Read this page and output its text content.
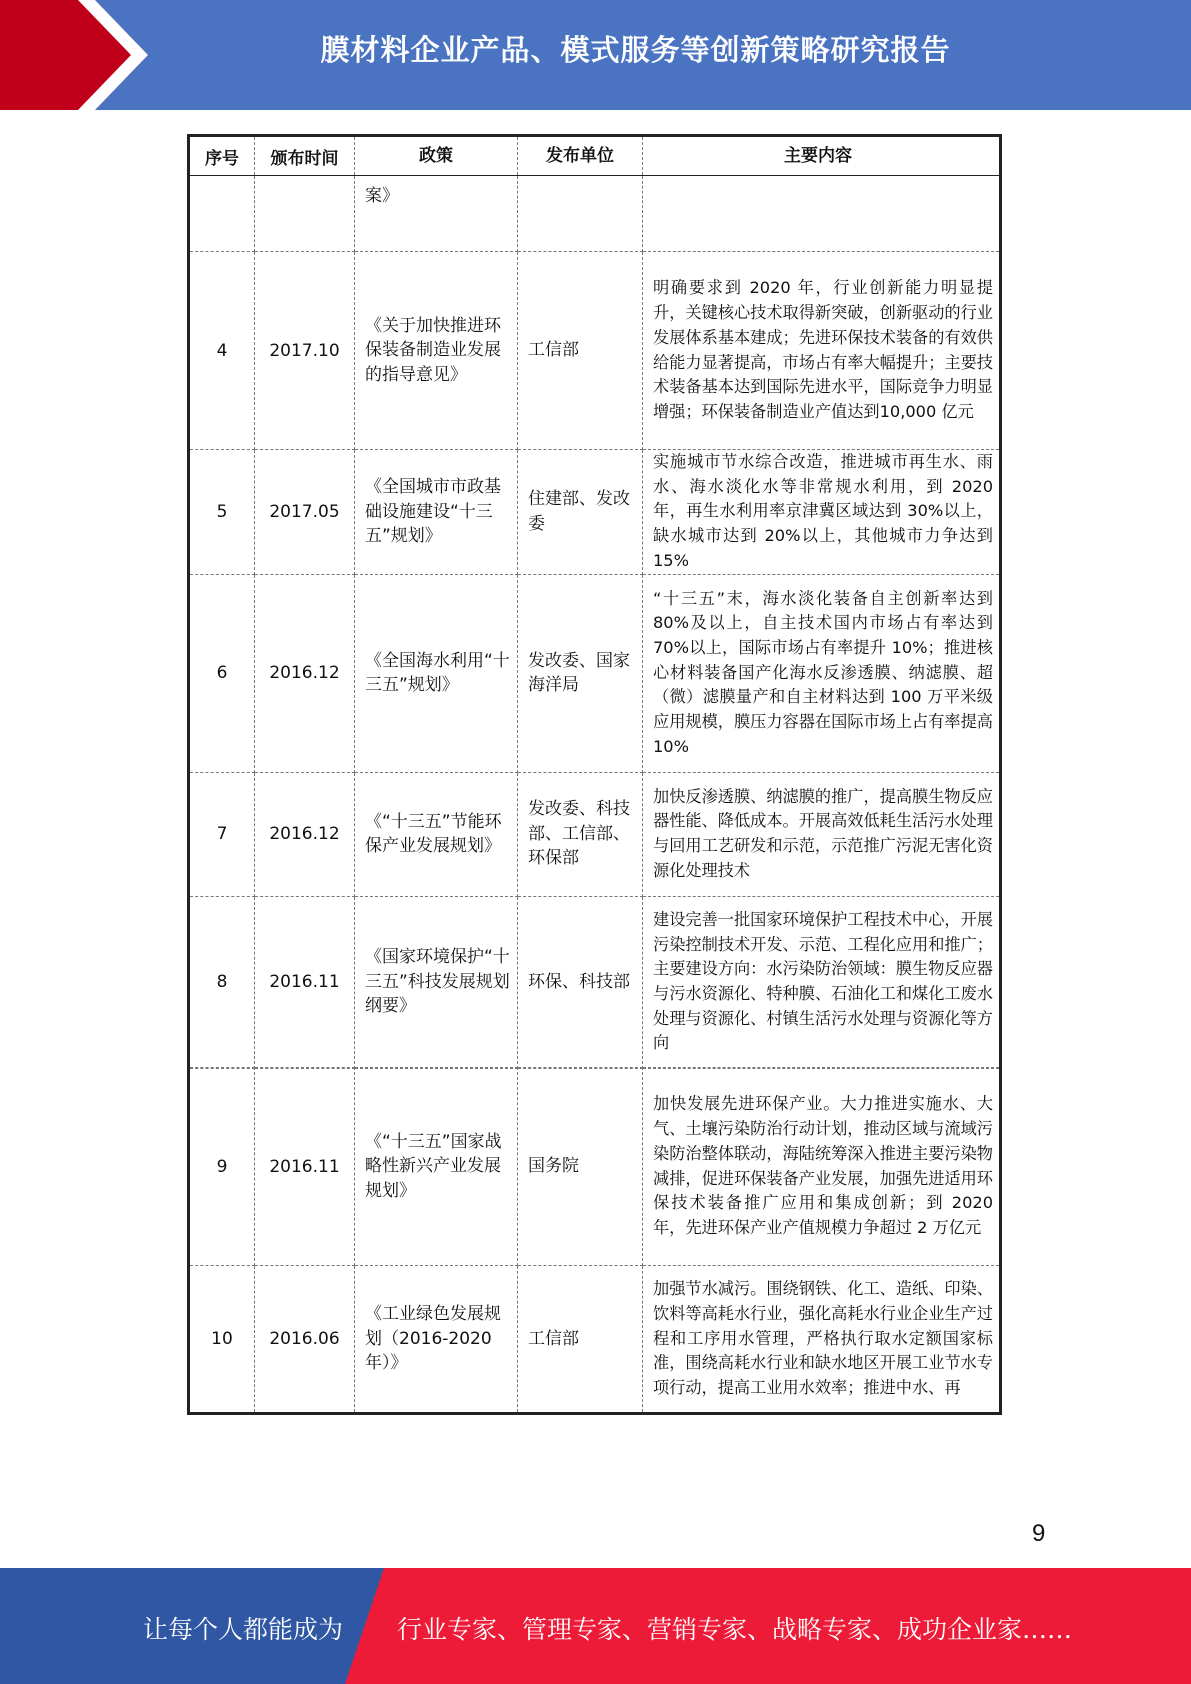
膜材料企业产品、模式服务等创新策略研究报告
序号	颁布时间	政策	发布单位	主要内容
		案》		
4	2017.10	《关于加快推进环保装备制造业发展的指导意见》	工信部	明确要求到 2020 年，行业创新能力明显提升，关键核心技术取得新突破，创新驱动的行业发展体系基本建成；先进环保技术装备的有效供给能力显著提高，市场占有率大幅提升；主要技术装备基本达到国际先进水平，国际竞争力明显增强；环保装备制造业产值达到10,000 亿元
5	2017.05	《全国城市市政基础设施建设“十三五”规划》	住建部、发改委	实施城市节水综合改造，推进城市再生水、雨水、海水淡化水等非常规水利用，到 2020 年，再生水利用率京津冀区域达到 30%以上，缺水城市达到 20%以上，其他城市力争达到 15%
6	2016.12	《全国海水利用“十三五”规划》	发改委、国家海洋局	“十三五”末，海水淡化装备自主创新率达到 80%及以上，自主技术国内市场占有率达到 70%以上，国际市场占有率提升 10%；推进核心材料装备国产化海水反渗透膜、纳滤膜、超（微）滤膜量产和自主材料达到 100 万平米级应用规模，膜压力容器在国际市场上占有率提高 10%
7	2016.12	《“十三五”节能环保产业发展规划》	发改委、科技部、工信部、环保部	加快反渗透膜、纳滤膜的推广，提高膜生物反应器性能、降低成本。开展高效低耗生活污水处理与回用工艺研发和示范，示范推广污泥无害化资源化处理技术
8	2016.11	《国家环境保护“十三五”科技发展规划纲要》	环保、科技部	建设完善一批国家环境保护工程技术中心，开展污染控制技术开发、示范、工程化应用和推广；主要建设方向：水污染防治领域：膜生物反应器与污水资源化、特种膜、石油化工和煤化工废水处理与资源化、村镇生活污水处理与资源化等方向
9	2016.11	《“十三五”国家战略性新兴产业发展规划》	国务院	加快发展先进环保产业。大力推进实施水、大气、土壤污染防治行动计划，推动区域与流域污染防治整体联动，海陆统筹深入推进主要污染物减排，促进环保装备产业发展，加强先进适用环保技术装备推广应用和集成创新；到 2020 年，先进环保产业产值规模力争超过 2 万亿元
10	2016.06	《工业绿色发展规划（2016-2020 年）》	工信部	加强节水减污。围绕钢铁、化工、造纸、印染、饮料等高耗水行业，强化高耗水行业企业生产过程和工序用水管理，严格执行取水定额国家标准，围绕高耗水行业和缺水地区开展工业节水专项行动，提高工业用水效率；推进中水、再
9
让每个人都能成为 行业专家、管理专家、营销专家、战略专家、成功企业家……
